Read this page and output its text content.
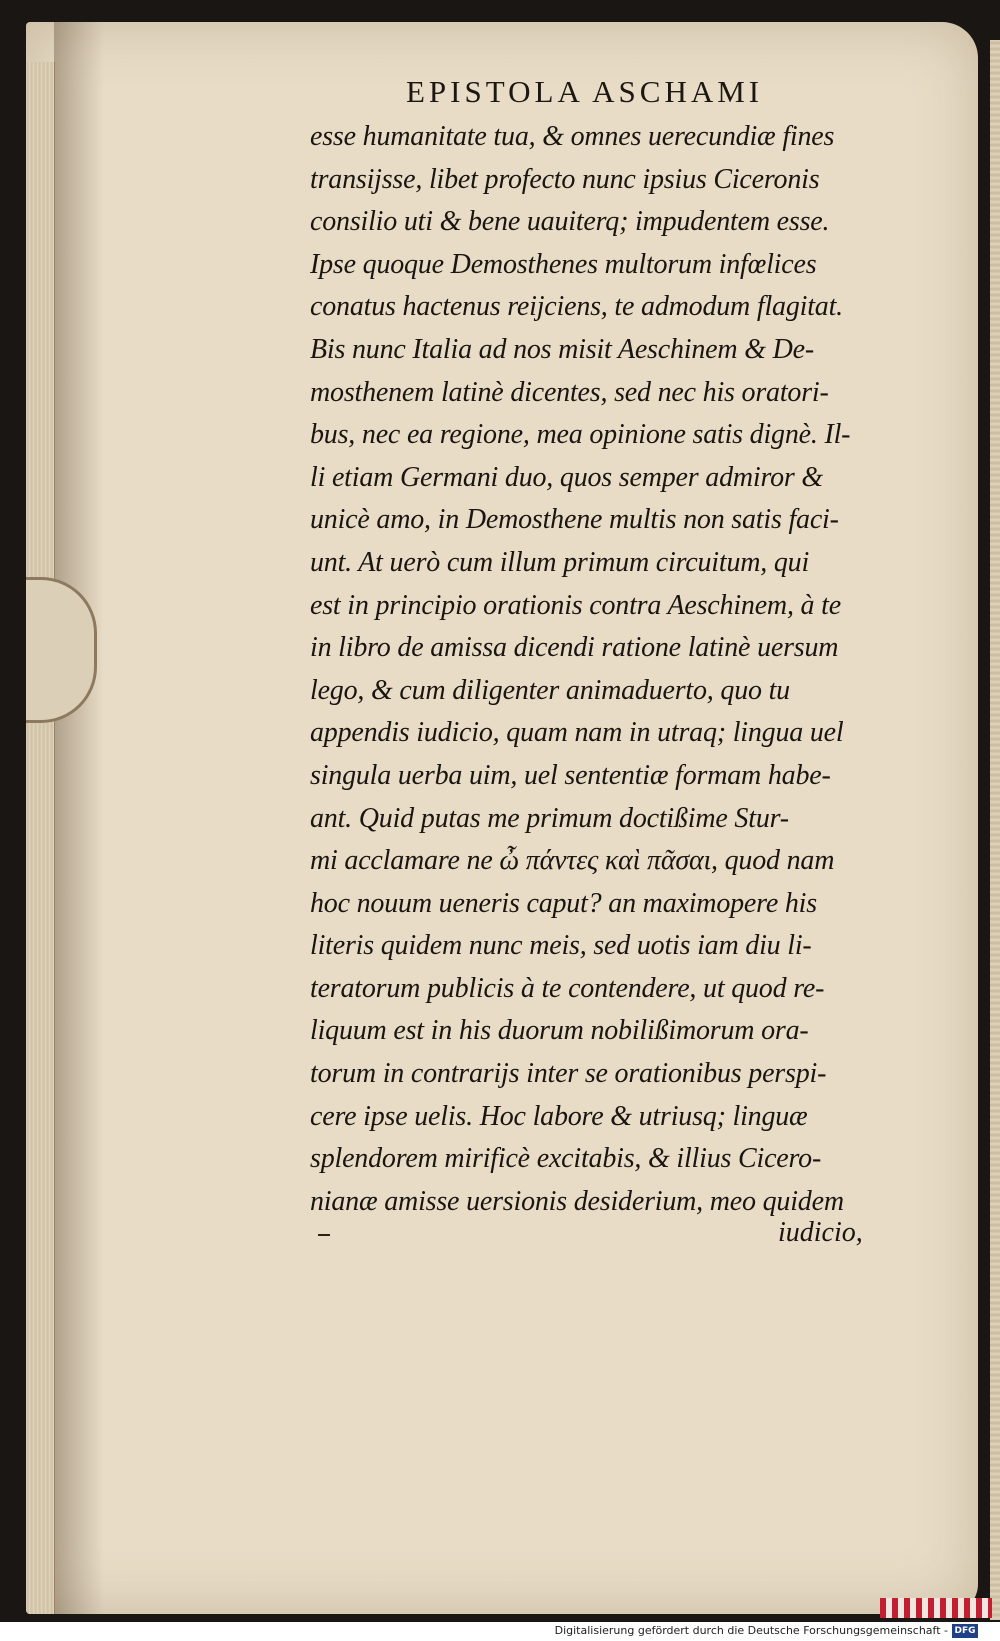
EPISTOLA ASCHAMI
esse humanitate tua, & omnes uerecundiæ fines
transijsse, libet profecto nunc ipsius Ciceronis
consilio uti & bene uauiterq; impudentem esse.
Ipse quoque Demosthenes multorum infœlices
conatus hactenus reijciens, te admodum flagitat.
Bis nunc Italia ad nos misit Aeschinem & De-
mosthenem latinè dicentes, sed nec his oratori-
bus, nec ea regione, mea opinione satis dignè. Il-
li etiam Germani duo, quos semper admiror &
unicè amo, in Demosthene multis non satis faci-
unt. At uerò cum illum primum circuitum, qui
est in principio orationis contra Aeschinem, à te
in libro de amissa dicendi ratione latinè uersum
lego, & cum diligenter animaduerto, quo tu
appendis iudicio, quam nam in utraq; lingua uel
singula uerba uim, uel sententiæ formam habe-
ant. Quid putas me primum doctißime Stur-
mi acclamare ne ὦ πάντες καὶ πᾶσαι, quod nam
hoc nouum ueneris caput? an maximopere his
literis quidem nunc meis, sed uotis iam diu li-
teratorum publicis à te contendere, ut quod re-
liquum est in his duorum nobilißimorum ora-
torum in contrarijs inter se orationibus perspi-
cere ipse uelis. Hoc labore & utriusq; linguæ
splendorem mirificè excitabis, & illius Cicero-
nianæ amisse uersionis desiderium, meo quidem
iudicio,
Digitalisierung gefördert durch die Deutsche Forschungsgemeinschaft - DFG
